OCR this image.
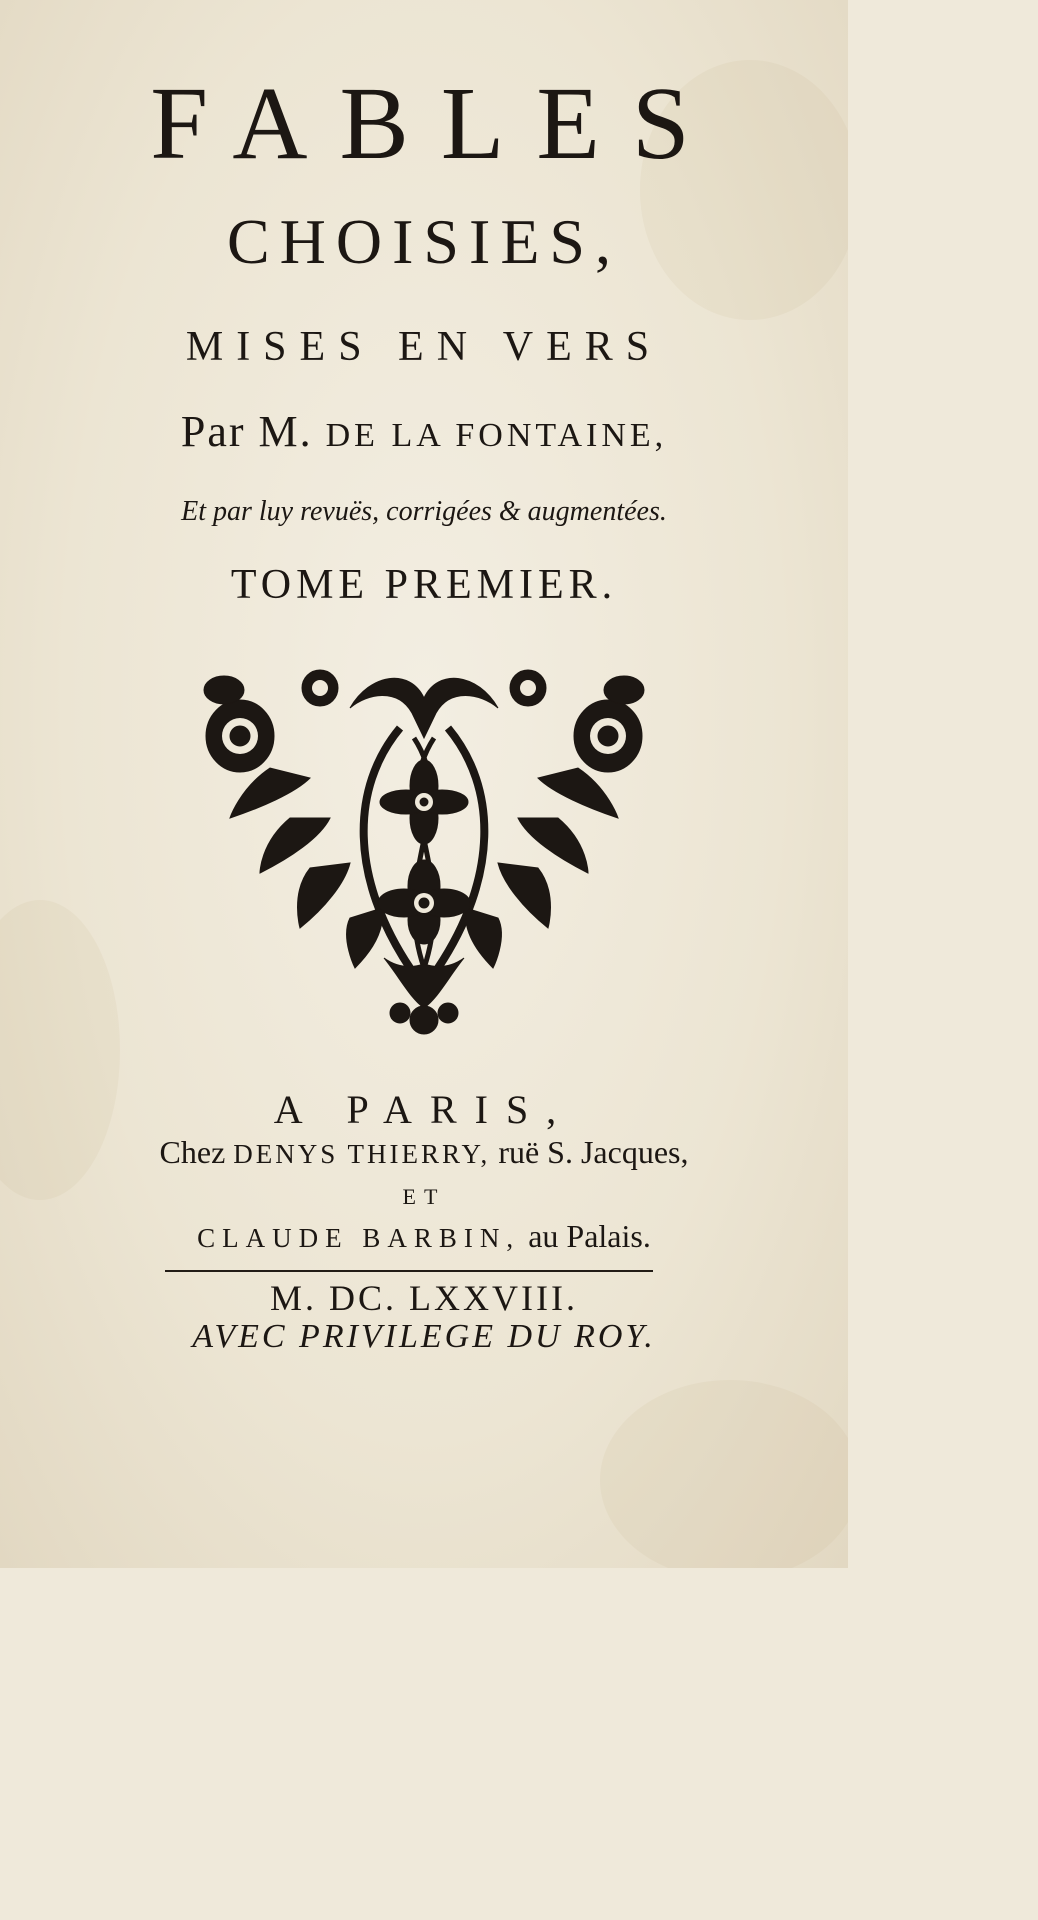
FABLES
CHOISIES,
MISES EN VERS
Par M. DE LA FONTAINE,
Et par luy revuës, corrigées & augmentées.
TOME PREMIER.
A PARIS,
Chez DENYS THIERRY, ruë S. Jacques,
ET
CLAUDE BARBIN, au Palais.
M. DC. LXXVIII.
AVEC PRIVILEGE DU ROY.
